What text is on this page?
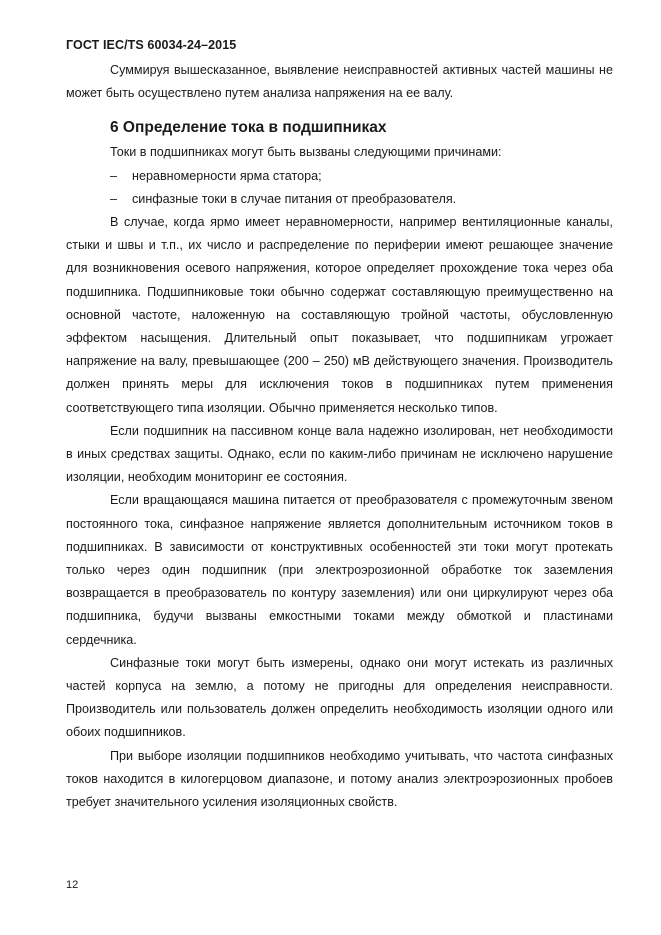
ГОСТ IEC/TS 60034-24–2015

Суммируя вышесказанное, выявление неисправностей активных частей машины не может быть осуществлено путем анализа напряжения на ее валу.

6 Определение тока в подшипниках

Токи в подшипниках могут быть вызваны следующими причинами:

– неравномерности ярма статора;
– синфазные токи в случае питания от преобразователя.

В случае, когда ярмо имеет неравномерности, например вентиляционные каналы, стыки и швы и т.п., их число и распределение по периферии имеют решающее значение для возникновения осевого напряжения, которое определяет прохождение тока через оба подшипника. Подшипниковые токи обычно содержат составляющую преимущественно на основной частоте, наложенную на составляющую тройной частоты, обусловленную эффектом насыщения. Длительный опыт показывает, что подшипникам угрожает напряжение на валу, превышающее (200 – 250) мВ действующего значения. Производитель должен принять меры для исключения токов в подшипниках путем применения соответствующего типа изоляции. Обычно применяется несколько типов.

Если подшипник на пассивном конце вала надежно изолирован, нет необходимости в иных средствах защиты. Однако, если по каким-либо причинам не исключено нарушение изоляции, необходим мониторинг ее состояния.

Если вращающаяся машина питается от преобразователя с промежуточным звеном постоянного тока, синфазное напряжение является дополнительным источником токов в подшипниках. В зависимости от конструктивных особенностей эти токи могут протекать только через один подшипник (при электроэрозионной обработке ток заземления возвращается в преобразователь по контуру заземления) или они циркулируют через оба подшипника, будучи вызваны емкостными токами между обмоткой и пластинами сердечника.

Синфазные токи могут быть измерены, однако они могут истекать из различных частей корпуса на землю, а потому не пригодны для определения неисправности. Производитель или пользователь должен определить необходимость изоляции одного или обоих подшипников.

При выборе изоляции подшипников необходимо учитывать, что частота синфазных токов находится в килогерцовом диапазоне, и потому анализ электроэрозионных пробоев требует значительного усиления изоляционных свойств.

12
